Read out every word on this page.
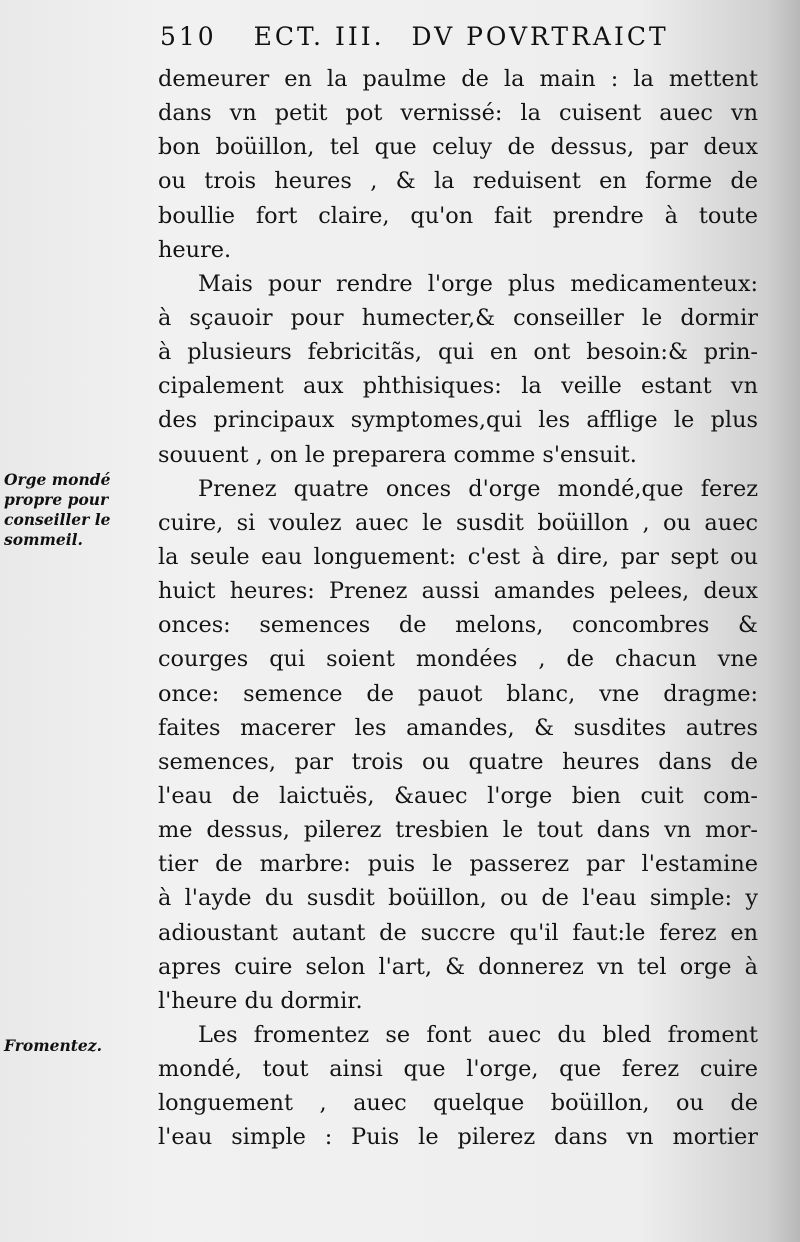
510 ECT. III. DV POVRTRAICT
Orge mondé
propre pour
conseiller le
sommeil.
Fromentez.
demeurer en la paulme de la main : la mettent
dans vn petit pot vernissé: la cuisent auec vn
bon boüillon, tel que celuy de dessus, par deux
ou trois heures , & la reduisent en forme de
boullie fort claire, qu'on fait prendre à toute
heure.
Mais pour rendre l'orge plus medicamenteux:
à sçauoir pour humecter,& conseiller le dormir
à plusieurs febricitãs, qui en ont besoin:& prin-
cipalement aux phthisiques: la veille estant vn
des principaux symptomes,qui les afflige le plus
souuent , on le preparera comme s'ensuit.
Prenez quatre onces d'orge mondé,que ferez
cuire, si voulez auec le susdit boüillon , ou auec
la seule eau longuement: c'est à dire, par sept ou
huict heures: Prenez aussi amandes pelees, deux
onces: semences de melons, concombres &
courges qui soient mondées , de chacun vne
once: semence de pauot blanc, vne dragme:
faites macerer les amandes, & susdites autres
semences, par trois ou quatre heures dans de
l'eau de laictuës, &auec l'orge bien cuit com-
me dessus, pilerez tresbien le tout dans vn mor-
tier de marbre: puis le passerez par l'estamine
à l'ayde du susdit boüillon, ou de l'eau simple: y
adioustant autant de succre qu'il faut:le ferez en
apres cuire selon l'art, & donnerez vn tel orge à
l'heure du dormir.
Les fromentez se font auec du bled froment
mondé, tout ainsi que l'orge, que ferez cuire
longuement , auec quelque boüillon, ou de
l'eau simple : Puis le pilerez dans vn mortier
